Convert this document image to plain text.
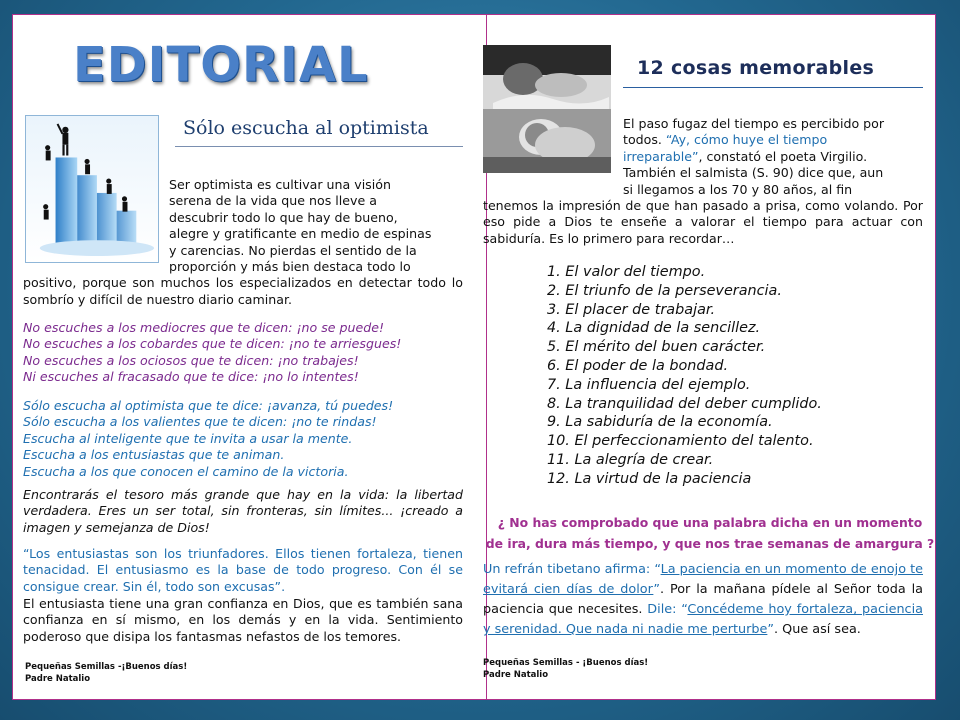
EDITORIAL
Sólo escucha al optimista

Ser optimista es cultivar una visión
serena de la vida que nos lleve a
descubrir todo lo que hay de bueno,
alegre y gratificante en medio de espinas
y carencias. No pierdas el sentido de la
proporción y más bien destaca todo lo
positivo, porque son muchos los especializados en detectar todo lo sombrío y difícil de nuestro diario caminar.

No escuches a los mediocres que te dicen: ¡no se puede!
No escuches a los cobardes que te dicen: ¡no te arriesgues!
No escuches a los ociosos que te dicen: ¡no trabajes!
Ni escuches al fracasado que te dice: ¡no lo intentes!

Sólo escucha al optimista que te dice: ¡avanza, tú puedes!
Sólo escucha a los valientes que te dicen: ¡no te rindas!
Escucha al inteligente que te invita a usar la mente.
Escucha a los entusiastas que te animan.
Escucha a los que conocen el camino de la victoria.

Encontrarás el tesoro más grande que hay en la vida: la libertad verdadera. Eres un ser total, sin fronteras, sin límites... ¡creado a imagen y semejanza de Dios!

“Los entusiastas son los triunfadores. Ellos tienen fortaleza, tienen tenacidad. El entusiasmo es la base de todo progreso. Con él se consigue crear. Sin él, todo son excusas”.

El entusiasta tiene una gran confianza en Dios, que es también sana confianza en sí mismo, en los demás y en la vida. Sentimiento poderoso que disipa los fantasmas nefastos de los temores.

Pequeñas Semillas -¡Buenos días!
Padre Natalio

12 cosas memorables

El paso fugaz del tiempo es percibido por
todos. “Ay, cómo huye el tiempo
irreparable”, constató el poeta Virgilio.
También el salmista (S. 90) dice que, aun
si llegamos a los 70 y 80 años, al fin
tenemos la impresión de que han pasado a prisa, como volando. Por eso pide a Dios te enseñe a valorar el tiempo para actuar con sabiduría. Es lo primero para recordar…

1. El valor del tiempo.
2. El triunfo de la perseverancia.
3. El placer de trabajar.
4. La dignidad de la sencillez.
5. El mérito del buen carácter.
6. El poder de la bondad.
7. La influencia del ejemplo.
8. La tranquilidad del deber cumplido.
9. La sabiduría de la economía.
10. El perfeccionamiento del talento.
11. La alegría de crear.
12. La virtud de la paciencia

¿ No has comprobado que una palabra dicha en un momento
de ira, dura más tiempo, y que nos trae semanas de amargura ?

Un refrán tibetano afirma: “La paciencia en un momento de enojo te evitará cien días de dolor”. Por la mañana pídele al Señor toda la paciencia que necesites. Dile: “Concédeme hoy fortaleza, paciencia y serenidad. Que nada ni nadie me perturbe”. Que así sea.

Pequeñas Semillas - ¡Buenos días!
Padre Natalio
